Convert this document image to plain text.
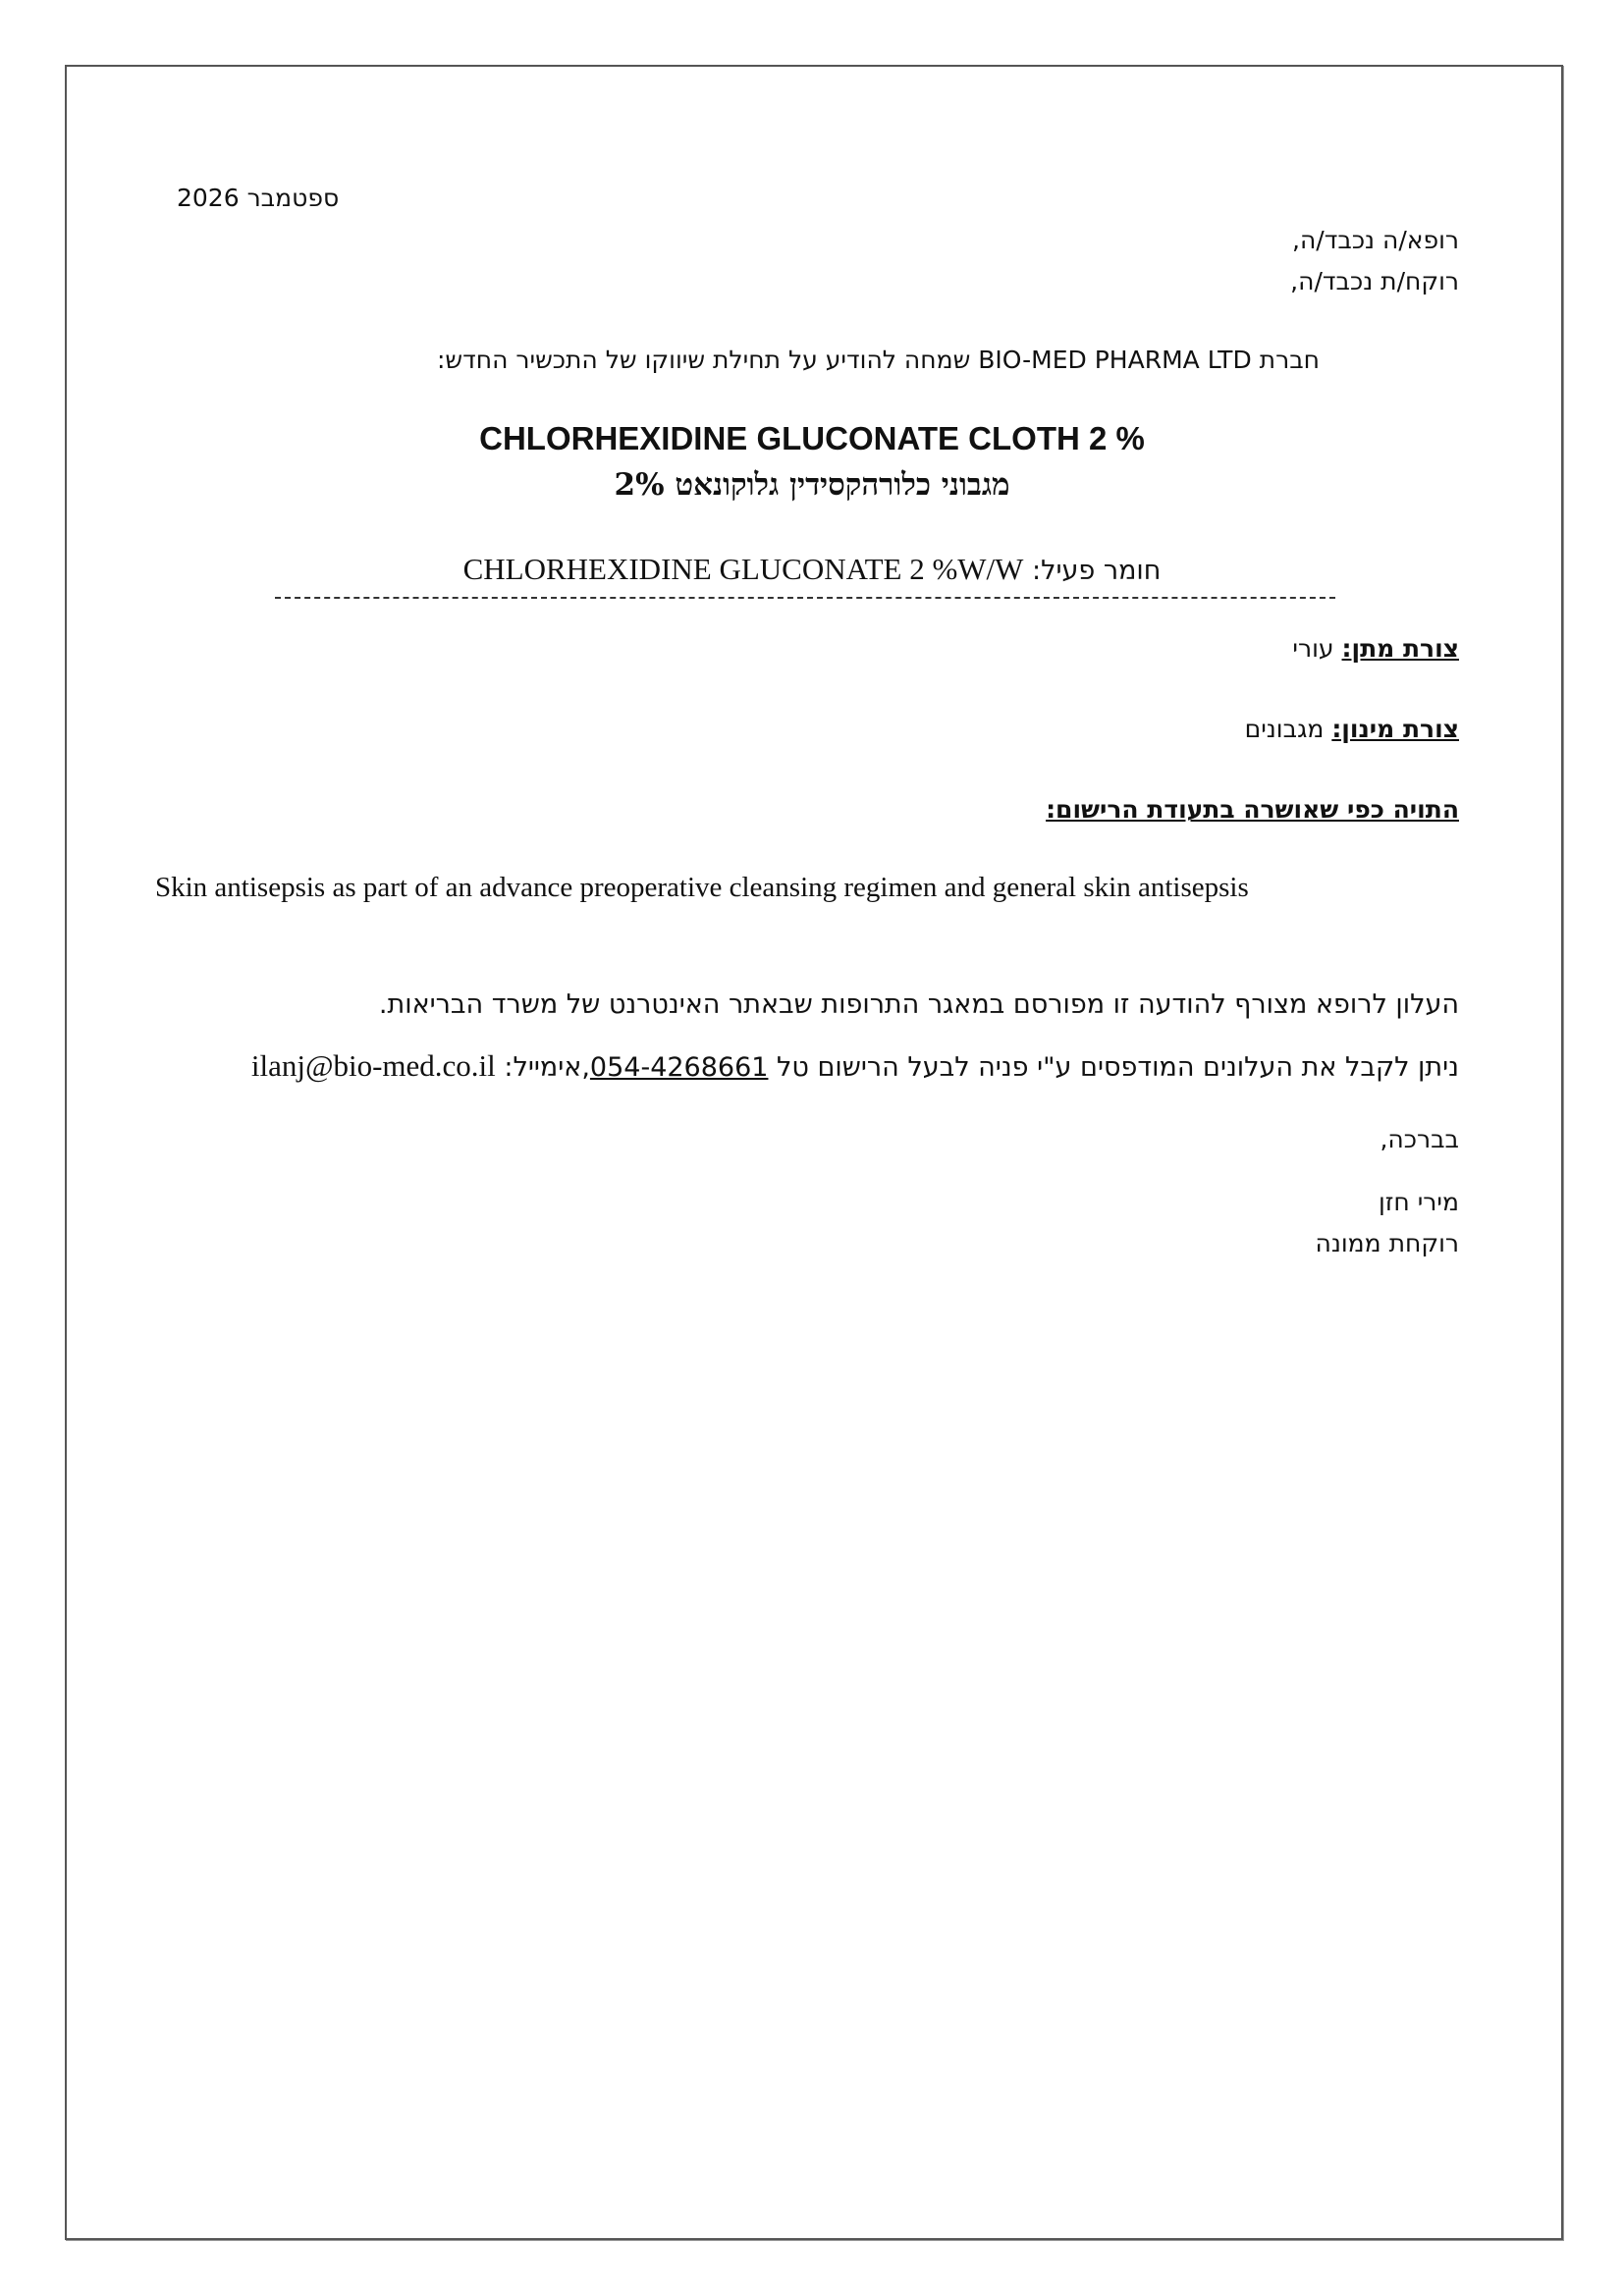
ספטמבר 2026
רופא/ה נכבד/ה,
רוקח/ת נכבד/ה,
חברת BIO-MED PHARMA LTD שמחה להודיע על תחילת שיווקו של התכשיר החדש:
CHLORHEXIDINE GLUCONATE CLOTH 2 %
מגבוני כלורהקסידין גלוקונאט 2%
חומר פעיל: CHLORHEXIDINE GLUCONATE 2 %W/W
צורת מתן: עורי
צורת מינון: מגבונים
התויה כפי שאושרה בתעודת הרישום:
Skin antisepsis as part of an advance preoperative cleansing regimen and general skin antisepsis
העלון לרופא מצורף להודעה זו מפורסם במאגר התרופות שבאתר האינטרנט של משרד הבריאות.
ניתן לקבל את העלונים המודפסים ע"י פניה לבעל הרישום טל 054-4268661,אימייל: ilanj@bio-med.co.il
בברכה,
מירי חזן
רוקחת ממונה
